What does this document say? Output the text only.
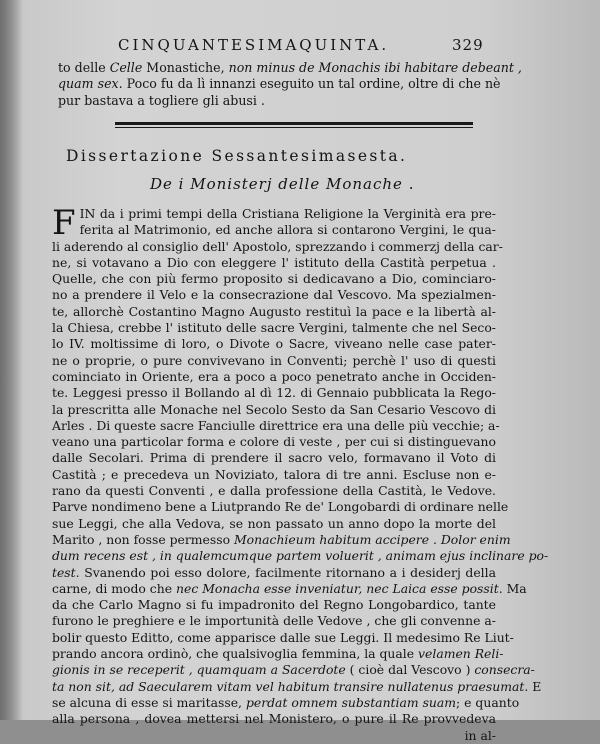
CINQUANTESIMAQUINTA.	329
to delle Celle Monastiche, non minus de Monachis ibi habitare debeant ,
quam sex. Poco fu da lì innanzi eseguito un tal ordine, oltre di che nè
pur bastava a togliere gli abusi .
Dissertazione Sessantesimasesta.
De i Monisterj delle Monache .
F IN da i primi tempi della Cristiana Religione la Verginità era pre-
ferita al Matrimonio, ed anche allora si contarono Vergini, le qua-
li aderendo al consiglio dell' Apostolo, sprezzando i commerzj della car-
ne, si votavano a Dio con eleggere l' istituto della Castità perpetua .
Quelle, che con più fermo proposito si dedicavano a Dio, cominciaro-
no a prendere il Velo e la consecrazione dal Vescovo. Ma spezialmen-
te, allorchè Costantino Magno Augusto restituì la pace e la libertà al-
la Chiesa, crebbe l' istituto delle sacre Vergini, talmente che nel Seco-
lo IV. moltissime di loro, o Divote o Sacre, viveano nelle case pater-
ne o proprie, o pure convivevano in Conventi; perchè l' uso di questi
cominciato in Oriente, era a poco a poco penetrato anche in Occiden-
te. Leggesi presso il Bollando al dì 12. di Gennaio pubblicata la Rego-
la prescritta alle Monache nel Secolo Sesto da San Cesario Vescovo di
Arles . Di queste sacre Fanciulle direttrice era una delle più vecchie; a-
veano una particolar forma e colore di veste , per cui si distinguevano
dalle Secolari. Prima di prendere il sacro velo, formavano il Voto di
Castità ; e precedeva un Noviziato, talora di tre anni. Escluse non e-
rano da questi Conventi , e dalla professione della Castità, le Vedove.
Parve nondimeno bene a Liutprando Re de' Longobardi di ordinare nelle
sue Leggi, che alla Vedova, se non passato un anno dopo la morte del
Marito , non fosse permesso Monachieum habitum accipere . Dolor enim
dum recens est , in qualemcumque partem voluerit , animam ejus inclinare po-
test. Svanendo poi esso dolore, facilmente ritornano a i desiderj della
carne, di modo che nec Monacha esse inveniatur, nec Laica esse possit. Ma
da che Carlo Magno si fu impadronito del Regno Longobardico, tante
furono le preghiere e le importunità delle Vedove , che gli convenne a-
bolir questo Editto, come apparisce dalle sue Leggi. Il medesimo Re Liut-
prando ancora ordinò, che qualsivoglia femmina, la quale velamen Reli-
gionis in se receperit , quamquam a Sacerdote ( cioè dal Vescovo ) consecra-
ta non sit, ad Saecularem vitam vel habitum transire nullatenus praesumat. E
se alcuna di esse si maritasse, perdat omnem substantiam suam; e quanto
alla persona , dovea mettersi nel Monistero, o pure il Re provvedeva
in al-
